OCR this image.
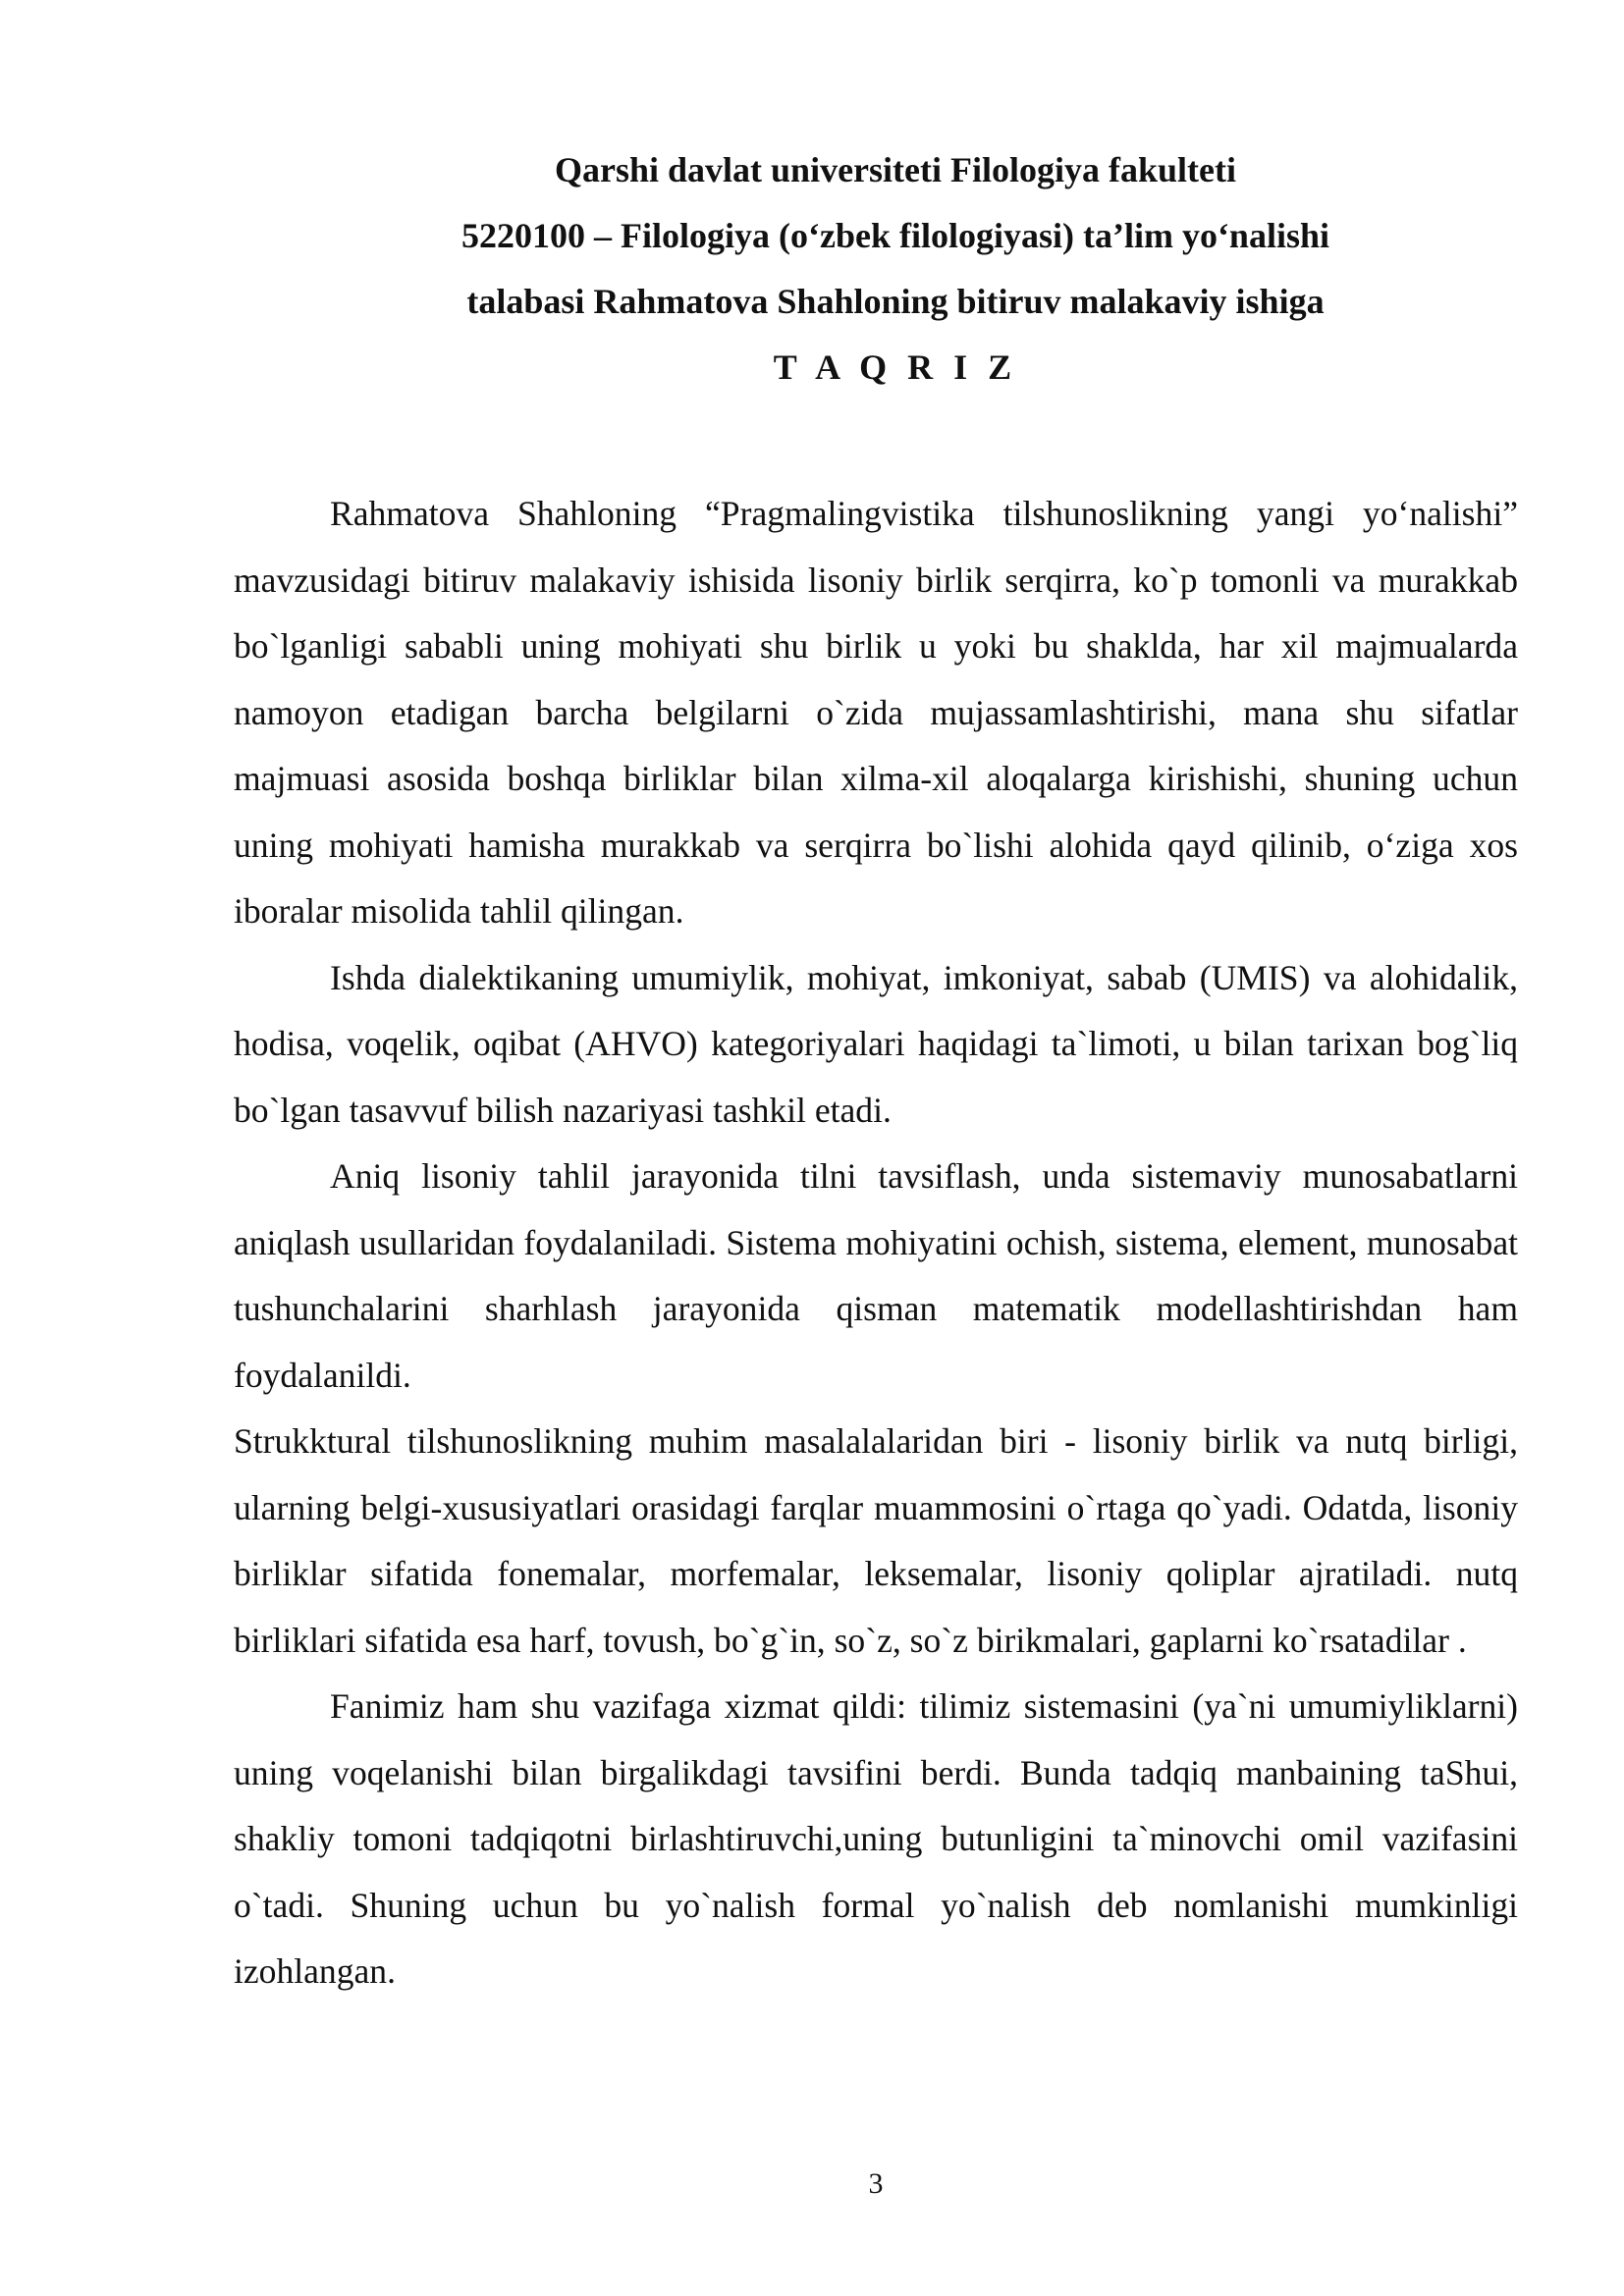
Qarshi davlat universiteti Filologiya fakulteti
5220100 – Filologiya (o‘zbek filologiyasi) ta’lim yo‘nalishi
talabasi Rahmatova Shahloning bitiruv malakaviy ishiga
T A Q R I Z

Rahmatova Shahloning “Pragmalingvistika tilshunoslikning yangi yo‘nalishi” mavzusidagi bitiruv malakaviy ishisida lisoniy birlik serqirra, ko`p tomonli va murakkab bo`lganligi sababli uning mohiyati shu birlik u yoki bu shaklda, har xil majmualarda namoyon etadigan barcha belgilarni o`zida mujassamlashtirishi, mana shu sifatlar majmuasi asosida boshqa birliklar bilan xilma-xil aloqalarga kirishishi, shuning uchun uning mohiyati hamisha murakkab va serqirra bo`lishi alohida qayd qilinib, o‘ziga xos iboralar misolida tahlil qilingan.

Ishda dialektikaning umumiylik, mohiyat, imkoniyat, sabab (UMIS) va alohidalik, hodisa, voqelik, oqibat (AHVO) kategoriyalari haqidagi ta`limoti, u bilan tarixan bog`liq bo`lgan tasavvuf bilish nazariyasi tashkil etadi.

Aniq lisoniy tahlil jarayonida tilni tavsiflash, unda sistemaviy munosabatlarni aniqlash usullaridan foydalaniladi. Sistema mohiyatini ochish, sistema, element, munosabat tushunchalarini sharhlash jarayonida qisman matematik modellashtirishdan ham foydalanildi.

Strukktural tilshunoslikning muhim masalalalaridan biri - lisoniy birlik va nutq birligi, ularning belgi-xususiyatlari orasidagi farqlar muammosini o`rtaga qo`yadi. Odatda, lisoniy birliklar sifatida fonemalar, morfemalar, leksemalar, lisoniy qoliplar ajratiladi. nutq birliklari sifatida esa harf, tovush, bo`g`in, so`z, so`z birikmalari, gaplarni ko`rsatadilar .

Fanimiz ham shu vazifaga xizmat qildi: tilimiz sistemasini (ya`ni umumiyliklarni) uning voqelanishi bilan birgalikdagi tavsifini berdi. Bunda tadqiq manbaining taShui, shakliy tomoni tadqiqotni birlashtiruvchi,uning butunligini ta`minovchi omil vazifasini o`tadi. Shuning uchun bu yo`nalish formal yo`nalish deb nomlanishi mumkinligi izohlangan.

3
